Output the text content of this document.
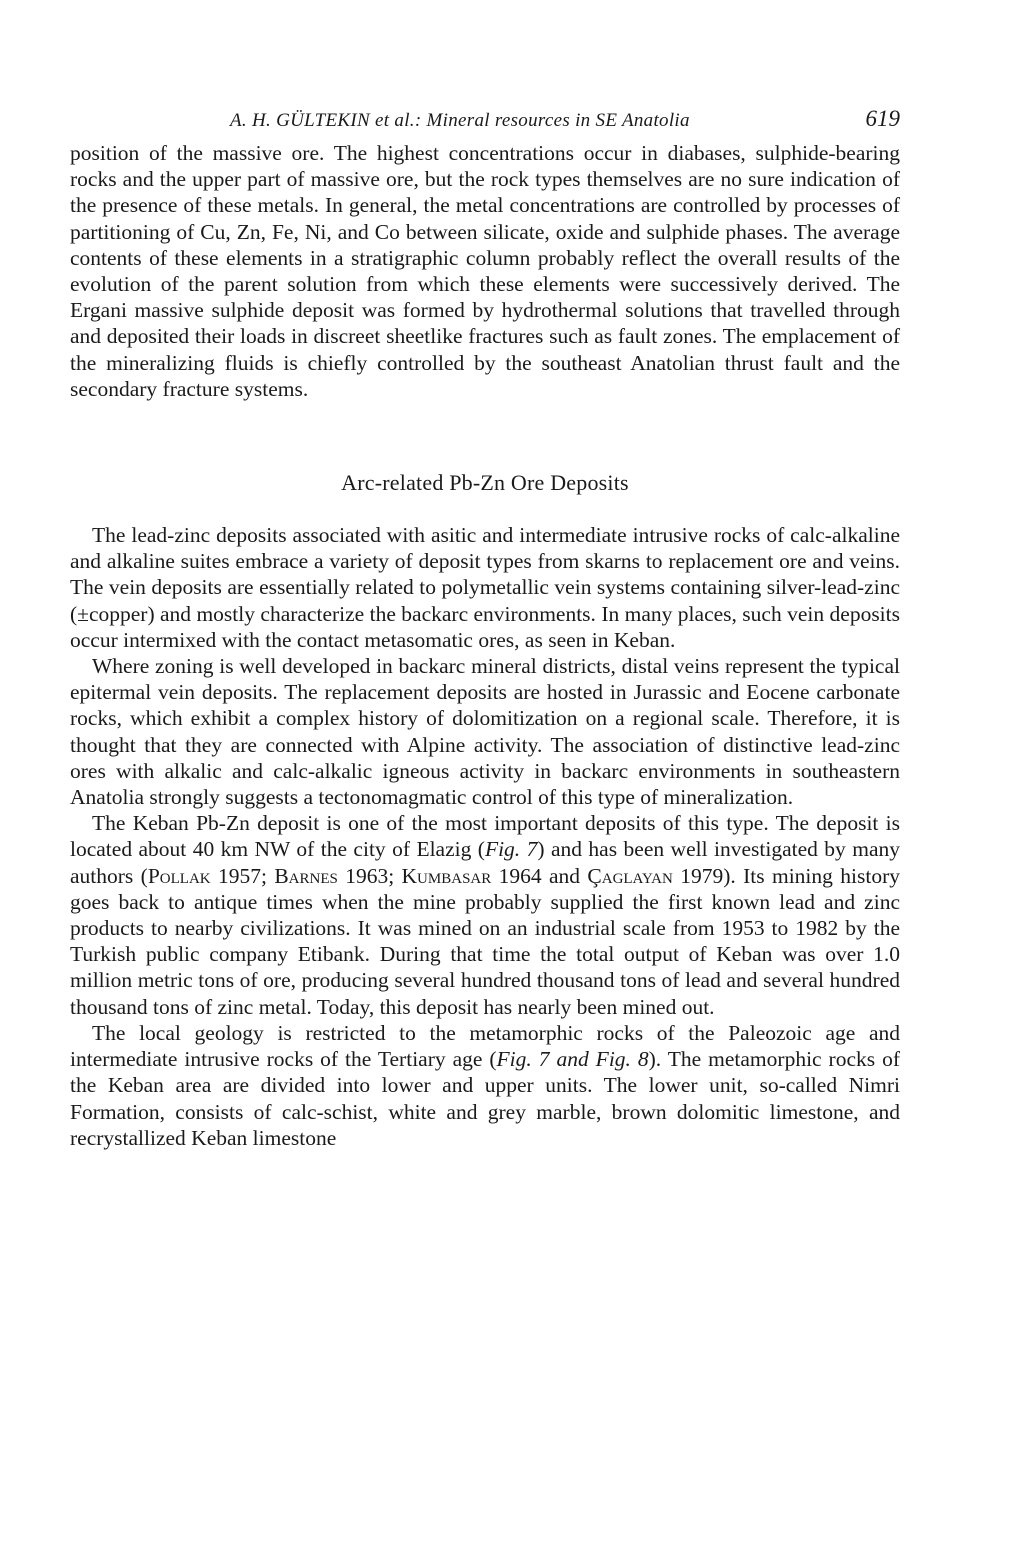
A. H. GÜLTEKIN et al.: Mineral resources in SE Anatolia	619

position of the massive ore. The highest concentrations occur in diabases, sulphide-bearing rocks and the upper part of massive ore, but the rock types themselves are no sure indication of the presence of these metals. In general, the metal concentrations are controlled by processes of partitioning of Cu, Zn, Fe, Ni, and Co between silicate, oxide and sulphide phases. The average contents of these elements in a stratigraphic column probably reflect the overall results of the evolution of the parent solution from which these elements were successively derived. The Ergani massive sulphide deposit was formed by hydrothermal solutions that travelled through and deposited their loads in discreet sheetlike fractures such as fault zones. The emplacement of the mineralizing fluids is chiefly controlled by the southeast Anatolian thrust fault and the secondary fracture systems.

Arc-related Pb-Zn Ore Deposits

The lead-zinc deposits associated with asitic and intermediate intrusive rocks of calc-alkaline and alkaline suites embrace a variety of deposit types from skarns to replacement ore and veins. The vein deposits are essentially related to polymetallic vein systems containing silver-lead-zinc (±copper) and mostly characterize the backarc environments. In many places, such vein deposits occur intermixed with the contact metasomatic ores, as seen in Keban.

Where zoning is well developed in backarc mineral districts, distal veins represent the typical epitermal vein deposits. The replacement deposits are hosted in Jurassic and Eocene carbonate rocks, which exhibit a complex history of dolomitization on a regional scale. Therefore, it is thought that they are connected with Alpine activity. The association of distinctive lead-zinc ores with alkalic and calc-alkalic igneous activity in backarc environments in southeastern Anatolia strongly suggests a tectonomagmatic control of this type of mineralization.

The Keban Pb-Zn deposit is one of the most important deposits of this type. The deposit is located about 40 km NW of the city of Elazig (Fig. 7) and has been well investigated by many authors (Pollak 1957; Barnes 1963; Kumbasar 1964 and Çaglayan 1979). Its mining history goes back to antique times when the mine probably supplied the first known lead and zinc products to nearby civilizations. It was mined on an industrial scale from 1953 to 1982 by the Turkish public company Etibank. During that time the total output of Keban was over 1.0 million metric tons of ore, producing several hundred thousand tons of lead and several hundred thousand tons of zinc metal. Today, this deposit has nearly been mined out.

The local geology is restricted to the metamorphic rocks of the Paleozoic age and intermediate intrusive rocks of the Tertiary age (Fig. 7 and Fig. 8). The metamorphic rocks of the Keban area are divided into lower and upper units. The lower unit, so-called Nimri Formation, consists of calc-schist, white and grey marble, brown dolomitic limestone, and recrystallized Keban limestone
